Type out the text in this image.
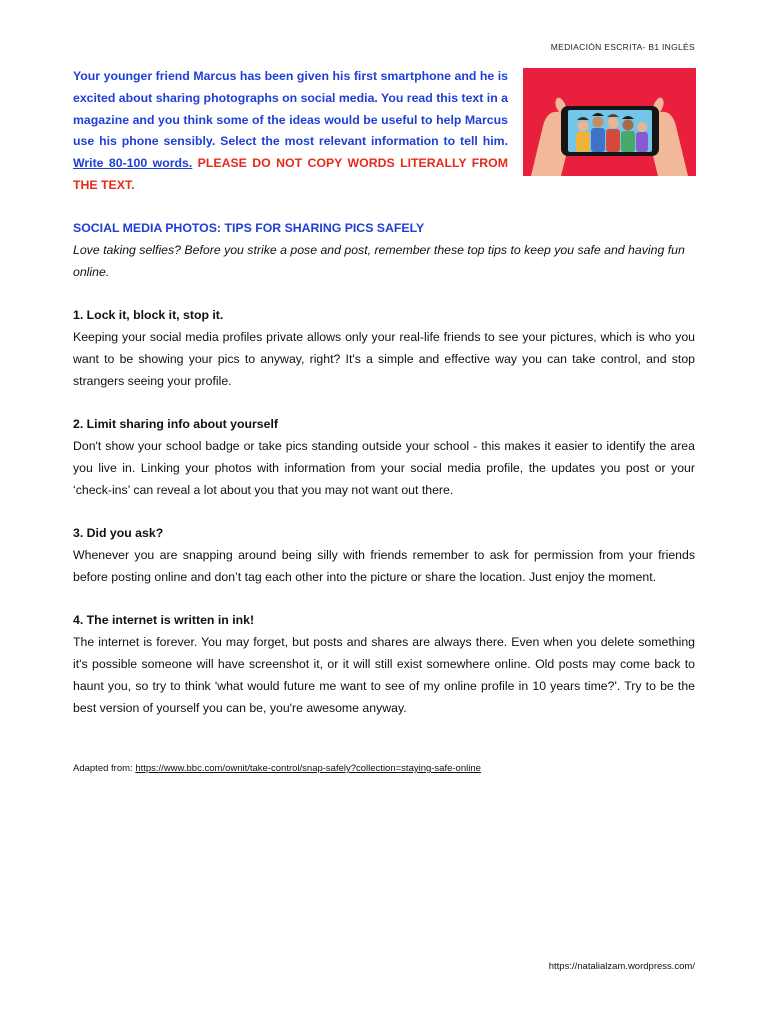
MEDIACIÓN ESCRITA- B1 INGLÉS
Your younger friend Marcus has been given his first smartphone and he is excited about sharing photographs on social media. You read this text in a magazine and you think some of the ideas would be useful to help Marcus use his phone sensibly. Select the most relevant information to tell him. Write 80-100 words. PLEASE DO NOT COPY WORDS LITERALLY FROM THE TEXT.
SOCIAL MEDIA PHOTOS: TIPS FOR SHARING PICS SAFELY
Love taking selfies? Before you strike a pose and post, remember these top tips to keep you safe and having fun online.
1. Lock it, block it, stop it.
Keeping your social media profiles private allows only your real-life friends to see your pictures, which is who you want to be showing your pics to anyway, right? It's a simple and effective way you can take control, and stop strangers seeing your profile.
2. Limit sharing info about yourself
Don't show your school badge or take pics standing outside your school - this makes it easier to identify the area you live in. Linking your photos with information from your social media profile, the updates you post or your ‘check-ins’ can reveal a lot about you that you may not want out there.
3. Did you ask?
Whenever you are snapping around being silly with friends remember to ask for permission from your friends before posting online and don’t tag each other into the picture or share the location. Just enjoy the moment.
4. The internet is written in ink!
The internet is forever. You may forget, but posts and shares are always there. Even when you delete something it's possible someone will have screenshot it, or it will still exist somewhere online. Old posts may come back to haunt you, so try to think 'what would future me want to see of my online profile in 10 years time?'. Try to be the best version of yourself you can be, you're awesome anyway.
Adapted from: https://www.bbc.com/ownit/take-control/snap-safely?collection=staying-safe-online
https://natalialzam.wordpress.com/
